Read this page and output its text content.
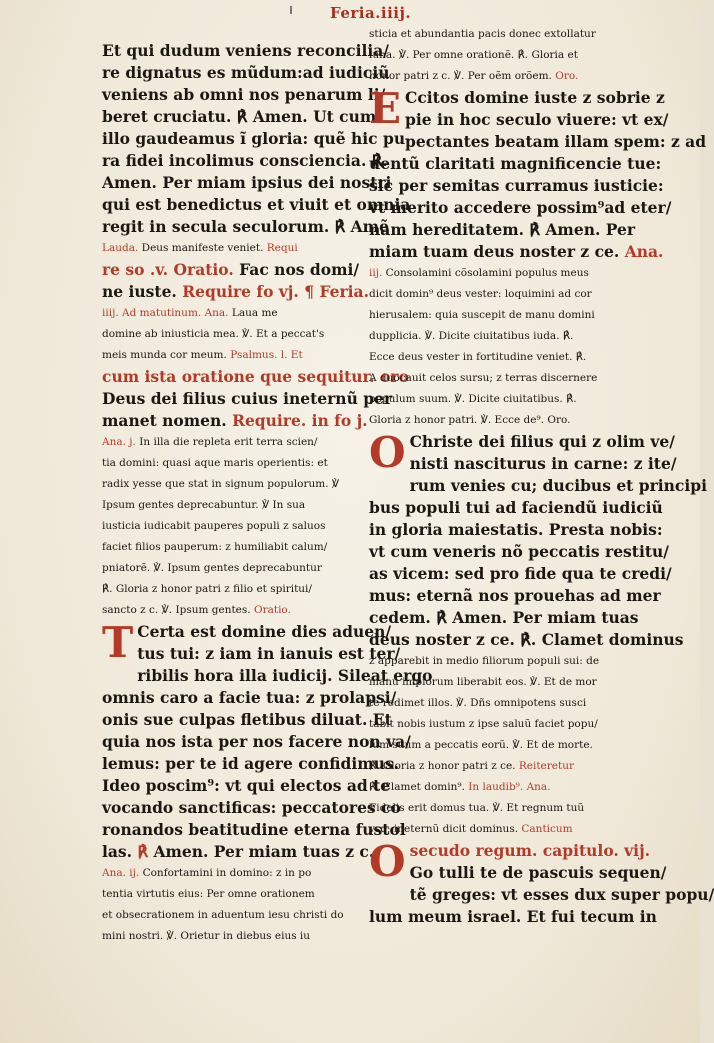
Feria.iiij.
Et qui dudum veniens reconcilia/
re dignatus es mũdum:ad iudiciũ
veniens ab omni nos penarum li/
beret cruciatu. ℟ Amen. Ut cum
illo gaudeamus ĩ gloria: quẽ hic pu
ra fidei incolimus consciencia. ℟.
Amen. Per miam ipsius dei nostri
qui est benedictus et viuit et omnia
regit in secula seculorum. ℟ Amẽ
Lauda. Deus manifeste veniet. Requi
re so .v. Oratio. Fac nos domi/
ne iuste. Require fo vj. ¶ Feria.
iiij. Ad matutinum. Ana. Laua me
domine ab iniusticia mea. ℣. Et a peccat's
meis munda cor meum. Psalmus. l. Et
cum ista oratione que sequitur. oro
Deus dei filius cuius ineternũ per
manet nomen. Require. in fo j.
Ana. j. In illa die repleta erit terra scien/
tia domini: quasi aque maris operientis: et
radix yesse que stat in signum populorum. ℣
Ipsum gentes deprecabuntur. ℣ In sua
iusticia iudicabit pauperes populi z saluos
faciet filios pauperum: z humiliabit calum/
pniatorẽ. ℣. Ipsum gentes deprecabuntur
℟. Gloria z honor patri z filio et spiritui/
sancto z c. ℣. Ipsum gentes. Oratio.
T Certa est domine dies aduen/
tus tui: z iam in ianuis est ter/
ribilis hora illa iudicij. Sileat ergo
omnis caro a facie tua: z prolapsi/
onis sue culpas fletibus diluat. Et
quia nos ista per nos facere non va/
lemus: per te id agere confidimus.
Ideo poscim⁹: vt qui electos ad te
vocando sanctificas: peccatores co
ronandos beatitudine eterna fustol
las. ℟ Amen. Per miam tuas z c.
Ana. ij. Confortamini in domino: z in po
tentia virtutis eius: Per omne orationem
et obsecrationem in aduentum iesu christi do
mini nostri. ℣. Orietur in diebus eius iu
sticia et abundantia pacis donec extollatur
luna. ℣. Per omne orationẽ. ℟. Gloria et
honor patri z c. ℣. Per oẽm orõem. Oro.
E Ccitos domine iuste z sobrie z
pie in hoc seculo viuere: vt ex/
pectantes beatam illam spem: z ad
uentũ claritati magnificencie tue:
sic per semitas curramus iusticie:
vt merito accedere possim⁹ad eter/
nam hereditatem. ℟ Amen. Per
miam tuam deus noster z ce. Ana.
iij. Consolamini cõsolamini populus meus
dicit domin⁹ deus vester: loquimini ad cor
hierusalem: quia suscepit de manu domini
dupplicia. ℣. Dicite ciuitatibus iuda. ℟.
Ecce deus vester in fortitudine veniet. ℟.
A duocauit celos sursu; z terras discernere
populum suum. ℣. Dicite ciuitatibus. ℟.
Gloria z honor patri. ℣. Ecce de⁹. Oro.
O Christe dei filius qui z olim ve/
nisti nasciturus in carne: z ite/
rum venies cu; ducibus et principi
bus populi tui ad faciendũ iudiciũ
in gloria maiestatis. Presta nobis:
vt cum veneris nõ peccatis restitu/
as vicem: sed pro fide qua te credi/
mus: eternã nos prouehas ad mer
cedem. ℟ Amen. Per miam tuas
deus noster z ce. ℟. Clamet dominus
z apparebit in medio filiorum populi sui: de
manu impiorum liberabit eos. ℣. Et de mor
te redimet illos. ℣. Dñs omnipotens susci
tabit nobis iustum z ipse saluũ faciet popu/
lum suum a peccatis eorũ. ℣. Et de morte.
℟. Gloria z honor patri z ce. Reiteretur
℟. Clamet domin⁹. In laudib⁹. Ana.
Fidelis erit domus tua. ℣. Et regnum tuũ
vsq; ineternũ dicit dominus. Canticum
Osecudo regum. capitulo. vij.
Go tulli te de pascuis sequen/
tẽ greges: vt esses dux super popu/
lum meum israel. Et fui tecum in
